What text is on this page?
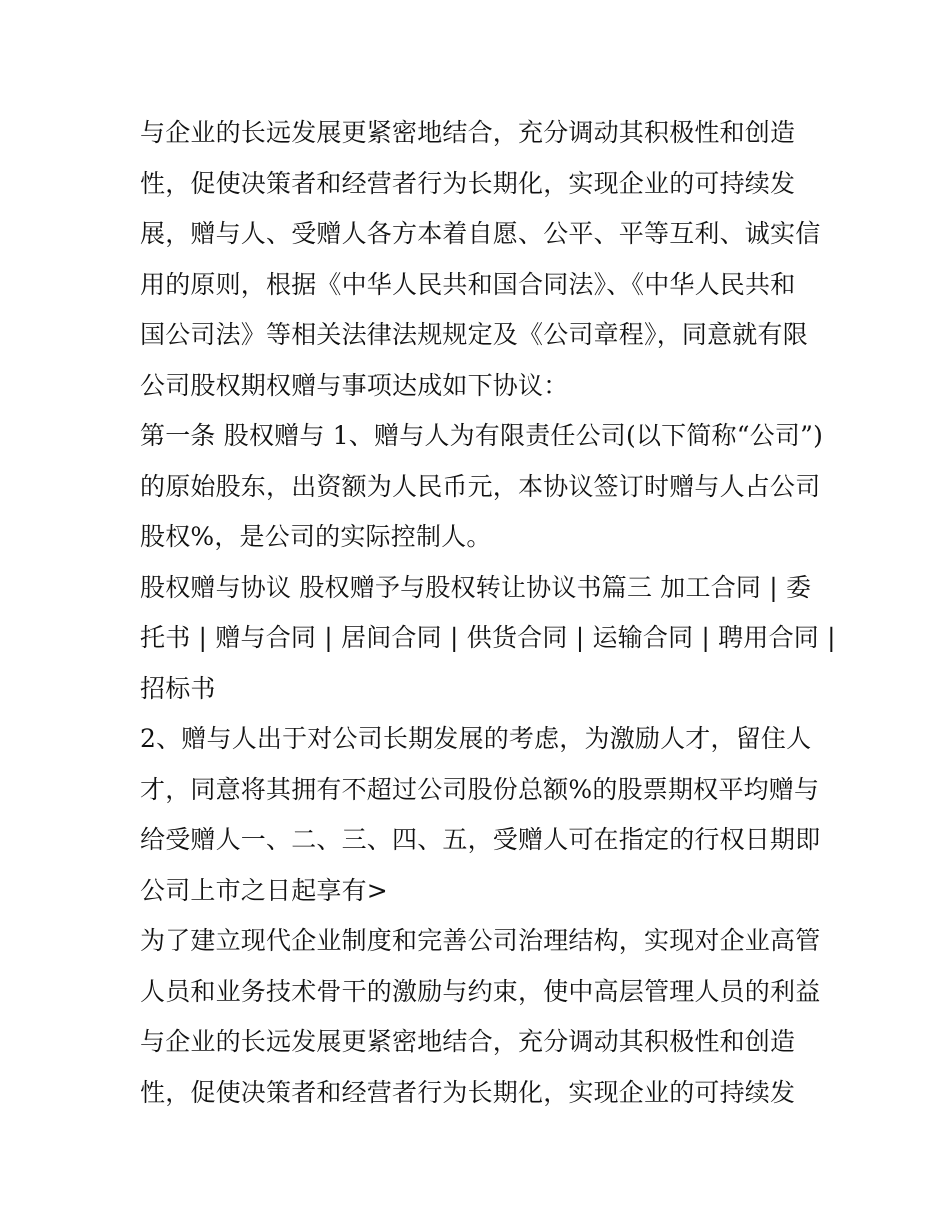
与企业的长远发展更紧密地结合，充分调动其积极性和创造
性，促使决策者和经营者行为长期化，实现企业的可持续发
展，赠与人、受赠人各方本着自愿、公平、平等互利、诚实信
用的原则，根据《中华人民共和国合同法》、《中华人民共和
国公司法》等相关法律法规规定及《公司章程》，同意就有限
公司股权期权赠与事项达成如下协议：
第一条 股权赠与 1、赠与人为有限责任公司(以下简称“公司”)
的原始股东，出资额为人民币元，本协议签订时赠与人占公司
股权%，是公司的实际控制人。
股权赠与协议 股权赠予与股权转让协议书篇三 加工合同 | 委
托书 | 赠与合同 | 居间合同 | 供货合同 | 运输合同 | 聘用合同 |
招标书
2、赠与人出于对公司长期发展的考虑，为激励人才，留住人
才，同意将其拥有不超过公司股份总额%的股票期权平均赠与
给受赠人一、二、三、四、五，受赠人可在指定的行权日期即
公司上市之日起享有>
为了建立现代企业制度和完善公司治理结构，实现对企业高管
人员和业务技术骨干的激励与约束，使中高层管理人员的利益
与企业的长远发展更紧密地结合，充分调动其积极性和创造
性，促使决策者和经营者行为长期化，实现企业的可持续发
